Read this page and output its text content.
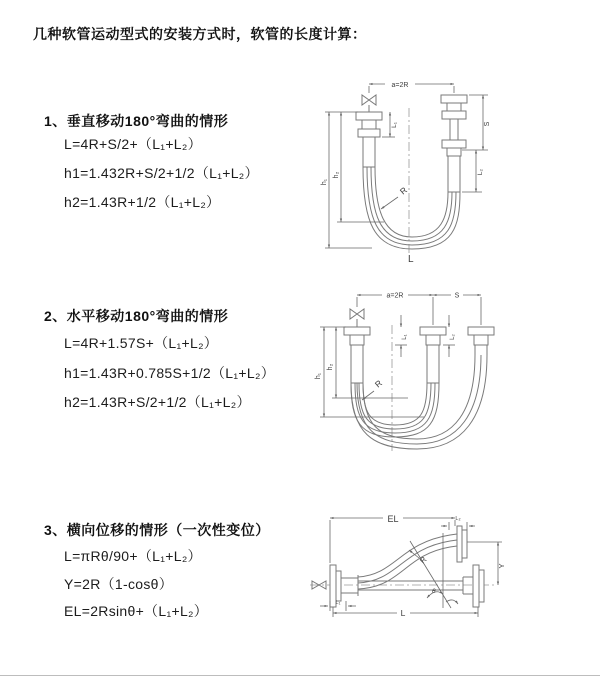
几种软管运动型式的安装方式时，软管的长度计算：
1、垂直移动180°弯曲的情形
L=4R+S/2+（L₁+L₂）
h1=1.432R+S/2+1/2（L₁+L₂）
h2=1.43R+1/2（L₁+L₂）
a=2R
h₁
h₂
L₁	S
L₂
R
L
2、水平移动180°弯曲的情形
L=4R+1.57S+（L₁+L₂）
h1=1.43R+0.785S+1/2（L₁+L₂）
h2=1.43R+S/2+1/2（L₁+L₂）
a=2R	S
h₁
h₂
L₁	L₂
R
3、横向位移的情形（一次性变位）
L=πRθ/90+（L₁+L₂）
Y=2R（1-cosθ）
EL=2Rsinθ+（L₁+L₂）
EL	L₂
Y
L
L₁
R
θ
